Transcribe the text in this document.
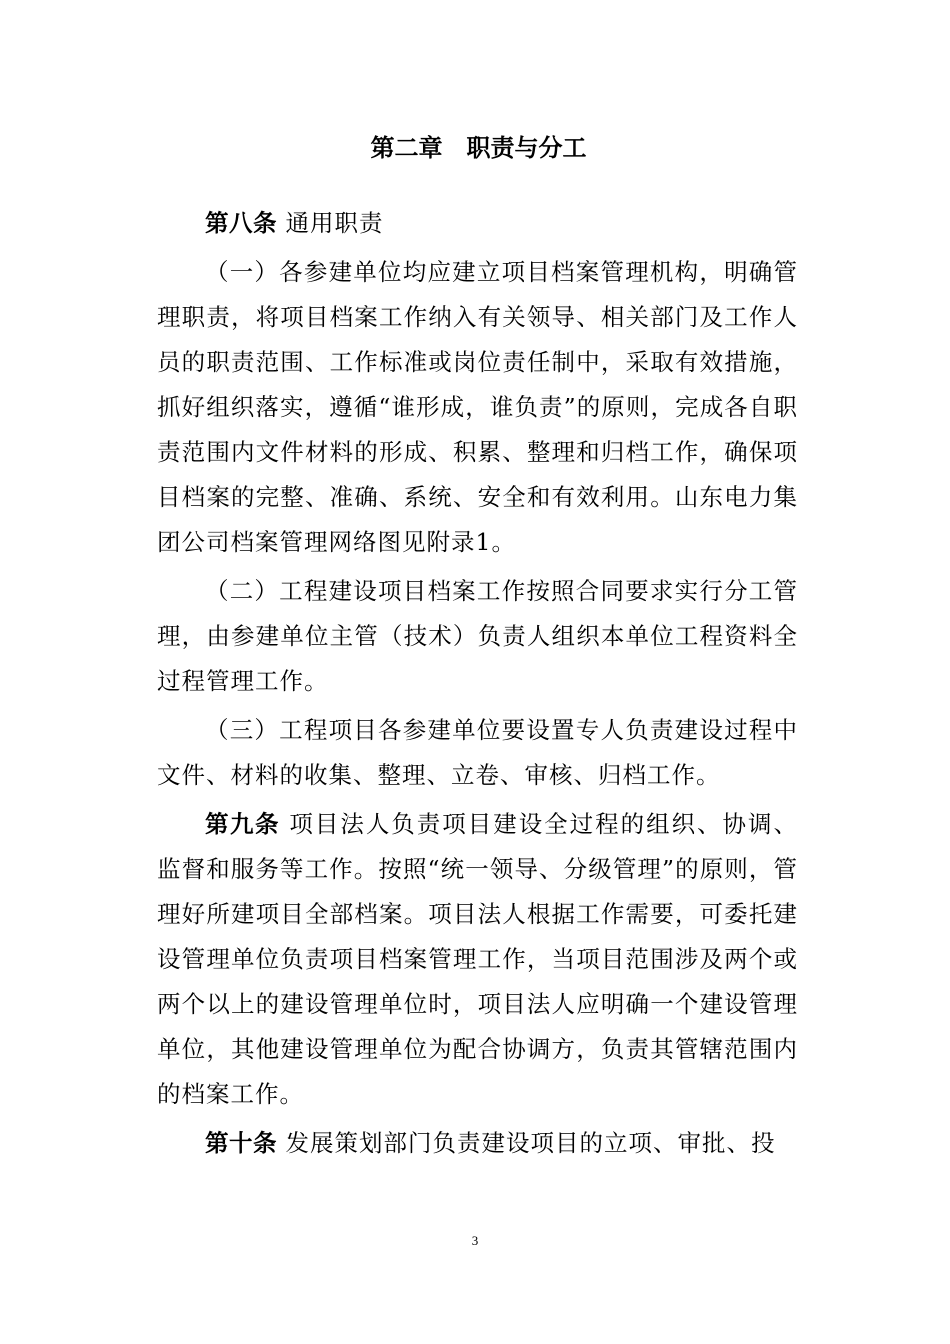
第二章　职责与分工

第八条 通用职责

（一）各参建单位均应建立项目档案管理机构，明确管理职责，将项目档案工作纳入有关领导、相关部门及工作人员的职责范围、工作标准或岗位责任制中，采取有效措施，抓好组织落实，遵循“谁形成，谁负责”的原则，完成各自职责范围内文件材料的形成、积累、整理和归档工作，确保项目档案的完整、准确、系统、安全和有效利用。山东电力集团公司档案管理网络图见附录1。

（二）工程建设项目档案工作按照合同要求实行分工管理，由参建单位主管（技术）负责人组织本单位工程资料全过程管理工作。

（三）工程项目各参建单位要设置专人负责建设过程中文件、材料的收集、整理、立卷、审核、归档工作。

第九条 项目法人负责项目建设全过程的组织、协调、监督和服务等工作。按照“统一领导、分级管理”的原则，管理好所建项目全部档案。项目法人根据工作需要，可委托建设管理单位负责项目档案管理工作，当项目范围涉及两个或两个以上的建设管理单位时，项目法人应明确一个建设管理单位，其他建设管理单位为配合协调方，负责其管辖范围内的档案工作。

第十条 发展策划部门负责建设项目的立项、审批、投

3
